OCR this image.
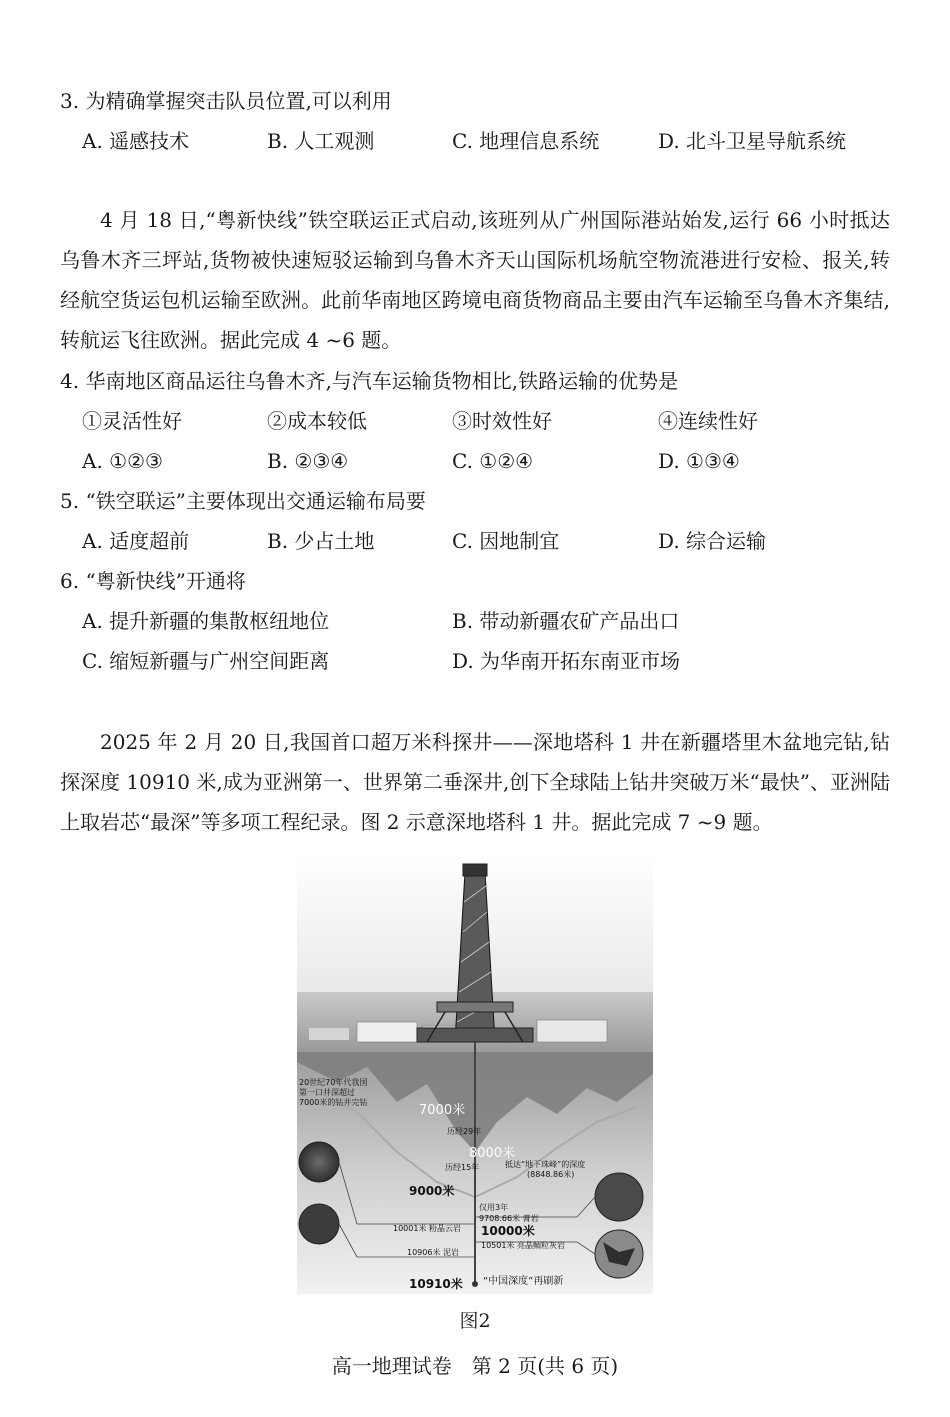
3. 为精确掌握突击队员位置,可以利用
A. 遥感技术	B. 人工观测	C. 地理信息系统	D. 北斗卫星导航系统
4 月 18 日,“粤新快线”铁空联运正式启动,该班列从广州国际港站始发,运行 66 小时抵达乌鲁木齐三坪站,货物被快速短驳运输到乌鲁木齐天山国际机场航空物流港进行安检、报关,转经航空货运包机运输至欧洲。此前华南地区跨境电商货物商品主要由汽车运输至乌鲁木齐集结,转航运飞往欧洲。据此完成 4 ~6 题。
4. 华南地区商品运往乌鲁木齐,与汽车运输货物相比,铁路运输的优势是
①灵活性好	②成本较低	③时效性好	④连续性好
A. ①②③	B. ②③④	C. ①②④	D. ①③④
5. “铁空联运”主要体现出交通运输布局要
A. 适度超前	B. 少占土地	C. 因地制宜	D. 综合运输
6. “粤新快线”开通将
A. 提升新疆的集散枢纽地位	B. 带动新疆农矿产品出口
C. 缩短新疆与广州空间距离	D. 为华南开拓东南亚市场
2025 年 2 月 20 日,我国首口超万米科探井——深地塔科 1 井在新疆塔里木盆地完钻,钻探深度 10910 米,成为亚洲第一、世界第二垂深井,创下全球陆上钻井突破万米“最快”、亚洲陆上取岩芯“最深”等多项工程纪录。图 2 示意深地塔科 1 井。据此完成 7 ~9 题。
20世纪70年代我国
第一口井深超过
7000米的钻井完钻
7000米
历经29年
8000米
历经15年	抵达“地下珠峰”的深度
(8848.86米)
9000米
仅用3年
9708.66米 膏岩
10000米
10001米 粉晶云岩
10501米 亮晶鲕粒灰岩
10906米 泥岩
10910米 “中国深度”再刷新
图2
高一地理试卷　第 2 页(共 6 页)
